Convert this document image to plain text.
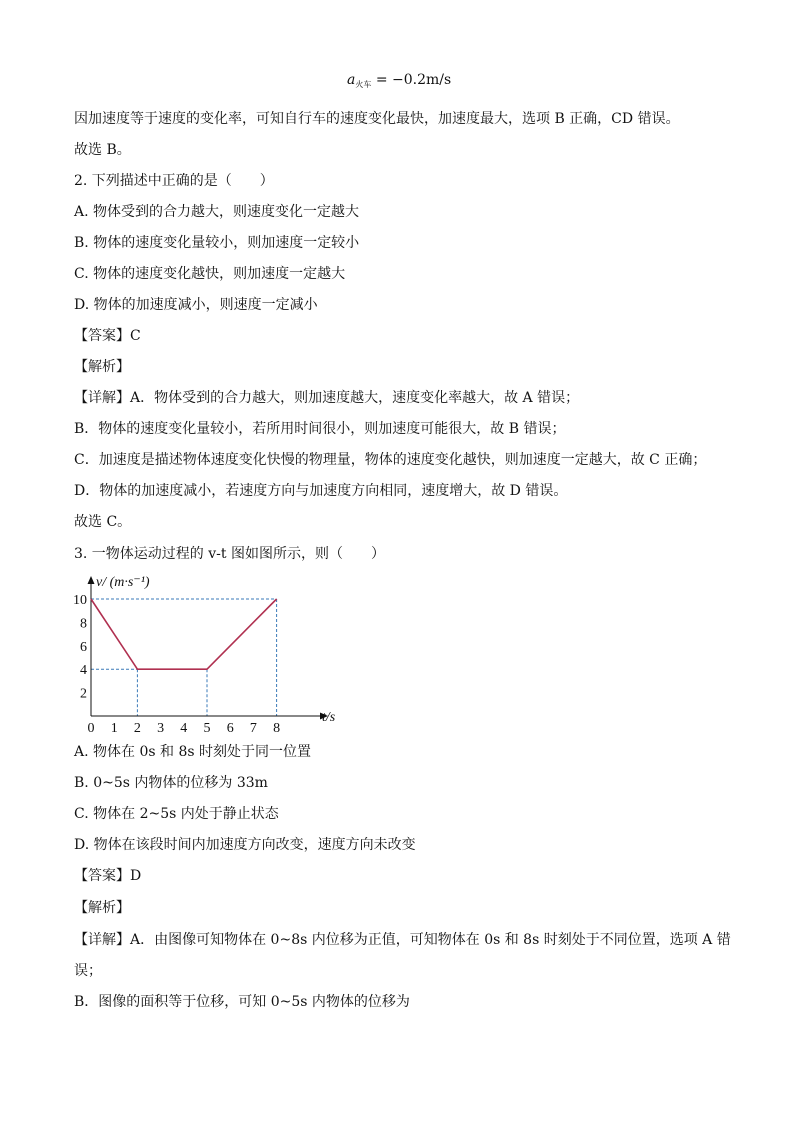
$a_{火车} = -0.2m/s$
因加速度等于速度的变化率，可知自行车的速度变化最快，加速度最大，选项 B 正确，CD 错误。
故选 B。
2. 下列描述中正确的是（　　）
A. 物体受到的合力越大，则速度变化一定越大
B. 物体的速度变化量较小，则加速度一定较小
C. 物体的速度变化越快，则加速度一定越大
D. 物体的加速度减小，则速度一定减小
【答案】C
【解析】
【详解】A．物体受到的合力越大，则加速度越大，速度变化率越大，故 A 错误；
B．物体的速度变化量较小，若所用时间很小，则加速度可能很大，故 B 错误；
C．加速度是描述物体速度变化快慢的物理量，物体的速度变化越快，则加速度一定越大，故 C 正确；
D．物体的加速度减小，若速度方向与加速度方向相同，速度增大，故 D 错误。
故选 C。
3. 一物体运动过程的 v-t 图如图所示，则（　　）
0 1 2 3 4 5 6 7 8
2
4
6
8
10
v/ (m·s⁻¹)
t/s
A. 物体在 0s 和 8s 时刻处于同一位置
B. 0~5s 内物体的位移为 33m
C. 物体在 2~5s 内处于静止状态
D. 物体在该段时间内加速度方向改变，速度方向未改变
【答案】D
【解析】
【详解】A．由图像可知物体在 0~8s 内位移为正值，可知物体在 0s 和 8s 时刻处于不同位置，选项 A 错
误；
B．图像的面积等于位移，可知 0~5s 内物体的位移为
